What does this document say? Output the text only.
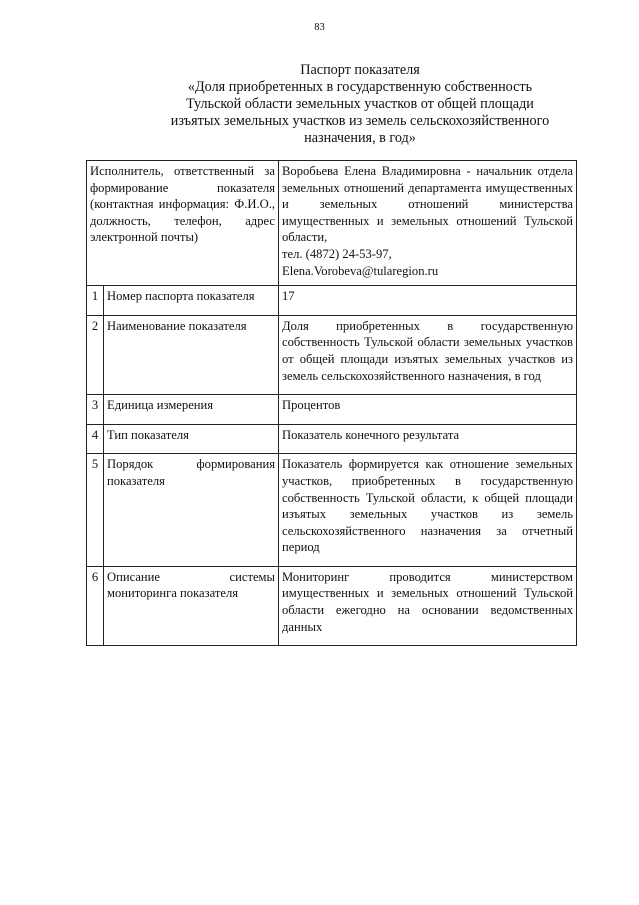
83
Паспорт показателя
«Доля приобретенных в государственную собственность
Тульской области земельных участков от общей площади
изъятых земельных участков из земель сельскохозяйственного
назначения, в год»
Исполнитель, ответственный за формирование показателя (контактная информация: Ф.И.О., должность, телефон, адрес электронной почты)		Воробьева Елена Владимировна - начальник отдела земельных отношений департамента имущественных и земельных отношений министерства имущественных и земельных отношений Тульской области,
тел. (4872) 24-53-97,
Elena.Vorobeva@tularegion.ru

1	Номер паспорта показателя	17
2	Наименование показателя	Доля приобретенных в государственную собственность Тульской области земельных участков от общей площади изъятых земельных участков из земель сельскохозяйственного назначения, в год
3	Единица измерения	Процентов
4	Тип показателя	Показатель конечного результата
5	Порядок формирования показателя	Показатель формируется как отношение земельных участков, приобретенных в государственную собственность Тульской области, к общей площади изъятых земельных участков из земель сельскохозяйственного назначения за отчетный период
6	Описание системы мониторинга показателя	Мониторинг проводится министерством имущественных и земельных отношений Тульской области ежегодно на основании ведомственных данных
